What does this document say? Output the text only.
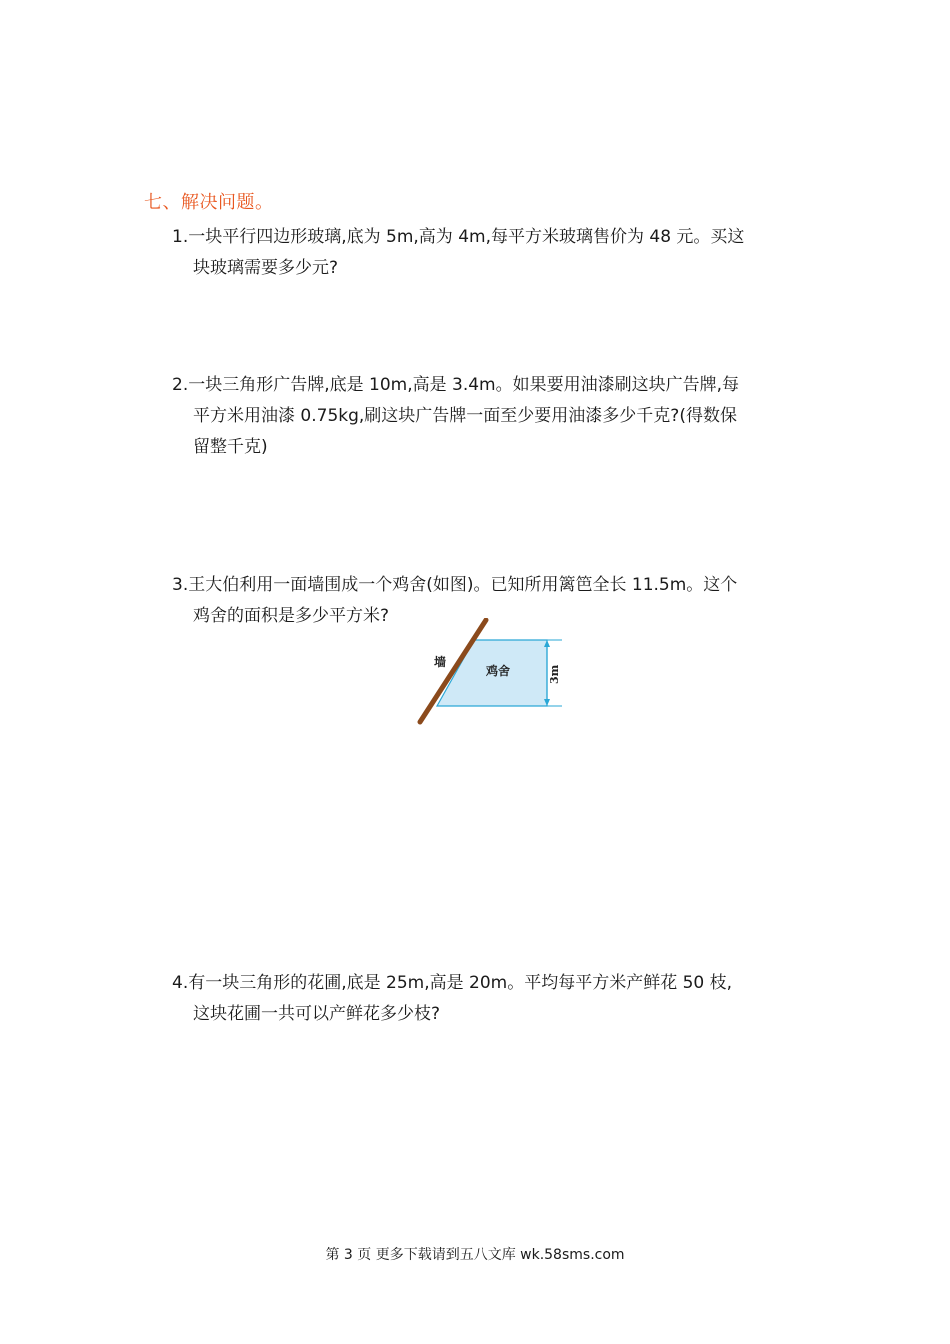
七、解决问题。
1.一块平行四边形玻璃,底为 5m,高为 4m,每平方米玻璃售价为 48 元。买这
块玻璃需要多少元?
2.一块三角形广告牌,底是 10m,高是 3.4m。如果要用油漆刷这块广告牌,每
平方米用油漆 0.75kg,刷这块广告牌一面至少要用油漆多少千克?(得数保
留整千克)
3.王大伯利用一面墙围成一个鸡舍(如图)。已知所用篱笆全长 11.5m。这个
鸡舍的面积是多少平方米?
墙
鸡舍	3m
4.有一块三角形的花圃,底是 25m,高是 20m。平均每平方米产鲜花 50 枝,
这块花圃一共可以产鲜花多少枝?
第 3 页 更多下载请到五八文库 wk.58sms.com
